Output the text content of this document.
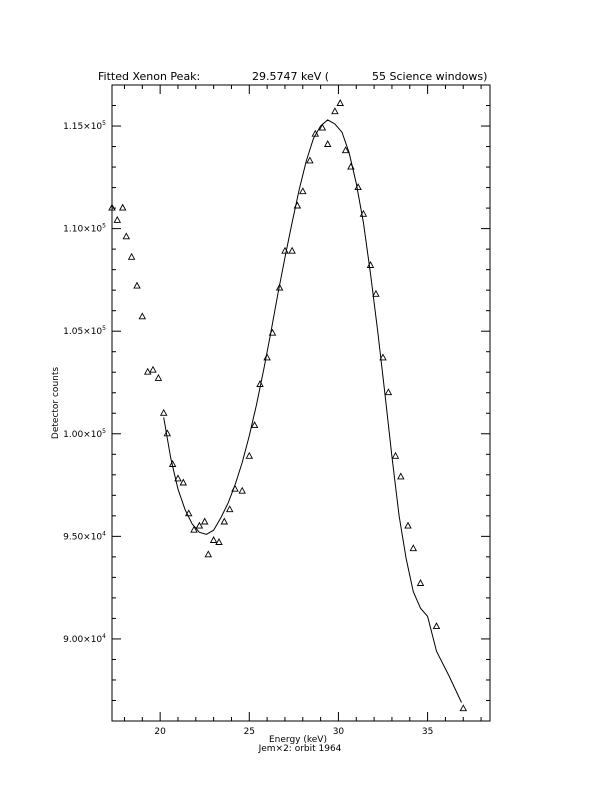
Fitted Xenon Peak:	29.5747 keV (	55 Science windows)
20	25	30	35
$9.00\times 10^4$
$9.50\times 10^4$
$1.00\times 10^5$
$1.05\times 10^5$
$1.10\times 10^5$
$1.15\times 10^5$
Energy (keV)
Jem×2: orbit 1964
Detector counts
